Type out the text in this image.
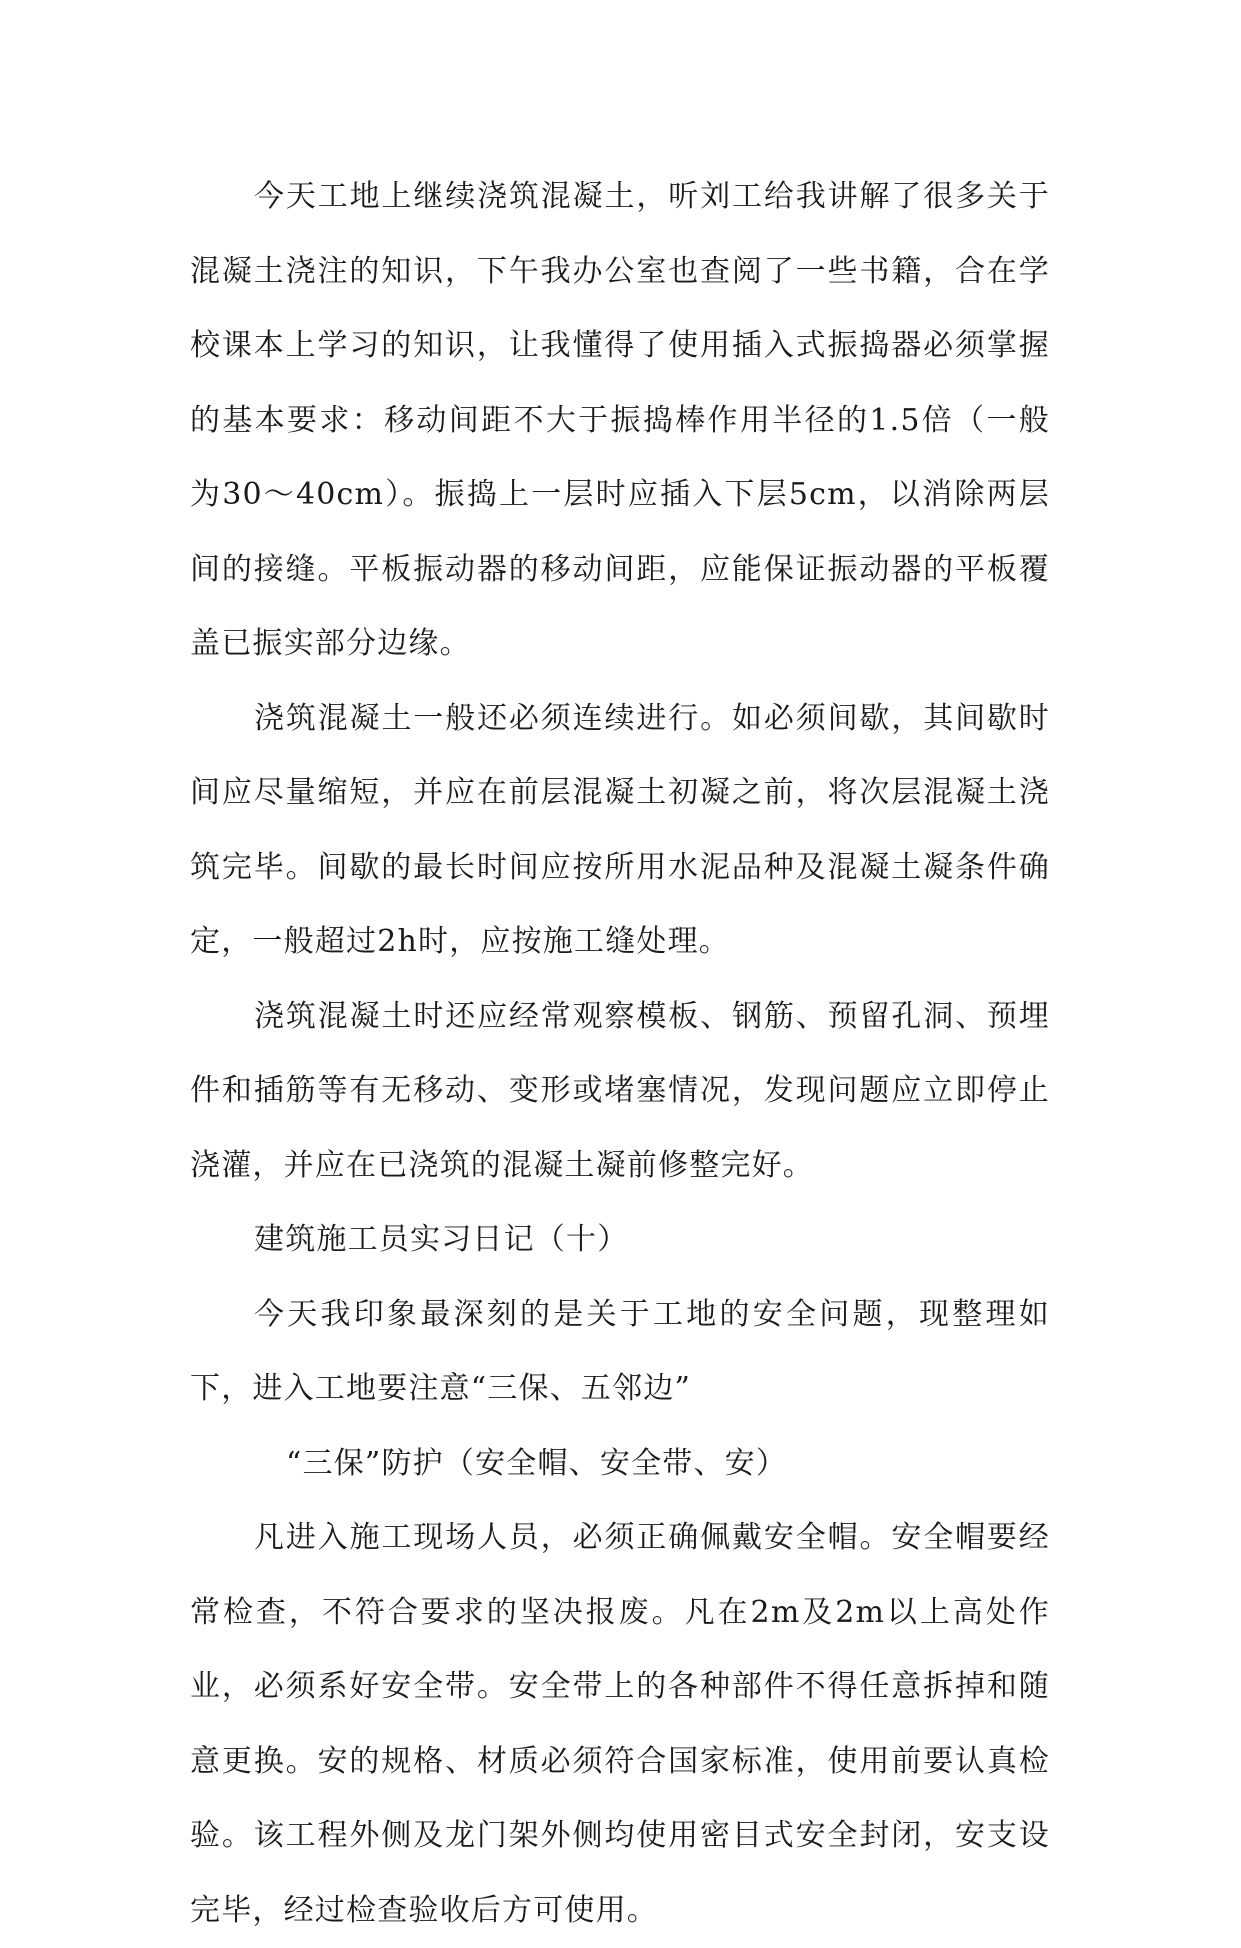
今天工地上继续浇筑混凝土，听刘工给我讲解了很多关于混凝土浇注的知识，下午我办公室也查阅了一些书籍，合在学校课本上学习的知识，让我懂得了使用插入式振捣器必须掌握的基本要求：移动间距不大于振捣棒作用半径的1.5倍（一般为30～40cm）。振捣上一层时应插入下层5cm，以消除两层间的接缝。平板振动器的移动间距，应能保证振动器的平板覆盖已振实部分边缘。

浇筑混凝土一般还必须连续进行。如必须间歇，其间歇时间应尽量缩短，并应在前层混凝土初凝之前，将次层混凝土浇筑完毕。间歇的最长时间应按所用水泥品种及混凝土凝条件确定，一般超过2h时，应按施工缝处理。

浇筑混凝土时还应经常观察模板、钢筋、预留孔洞、预埋件和插筋等有无移动、变形或堵塞情况，发现问题应立即停止浇灌，并应在已浇筑的混凝土凝前修整完好。

建筑施工员实习日记（十）

今天我印象最深刻的是关于工地的安全问题，现整理如下，进入工地要注意“三保、五邻边”

“三保”防护（安全帽、安全带、安）

凡进入施工现场人员，必须正确佩戴安全帽。安全帽要经常检查，不符合要求的坚决报废。凡在2m及2m以上高处作业，必须系好安全带。安全带上的各种部件不得任意拆掉和随意更换。安的规格、材质必须符合国家标准，使用前要认真检验。该工程外侧及龙门架外侧均使用密目式安全封闭，安支设完毕，经过检查验收后方可使用。
